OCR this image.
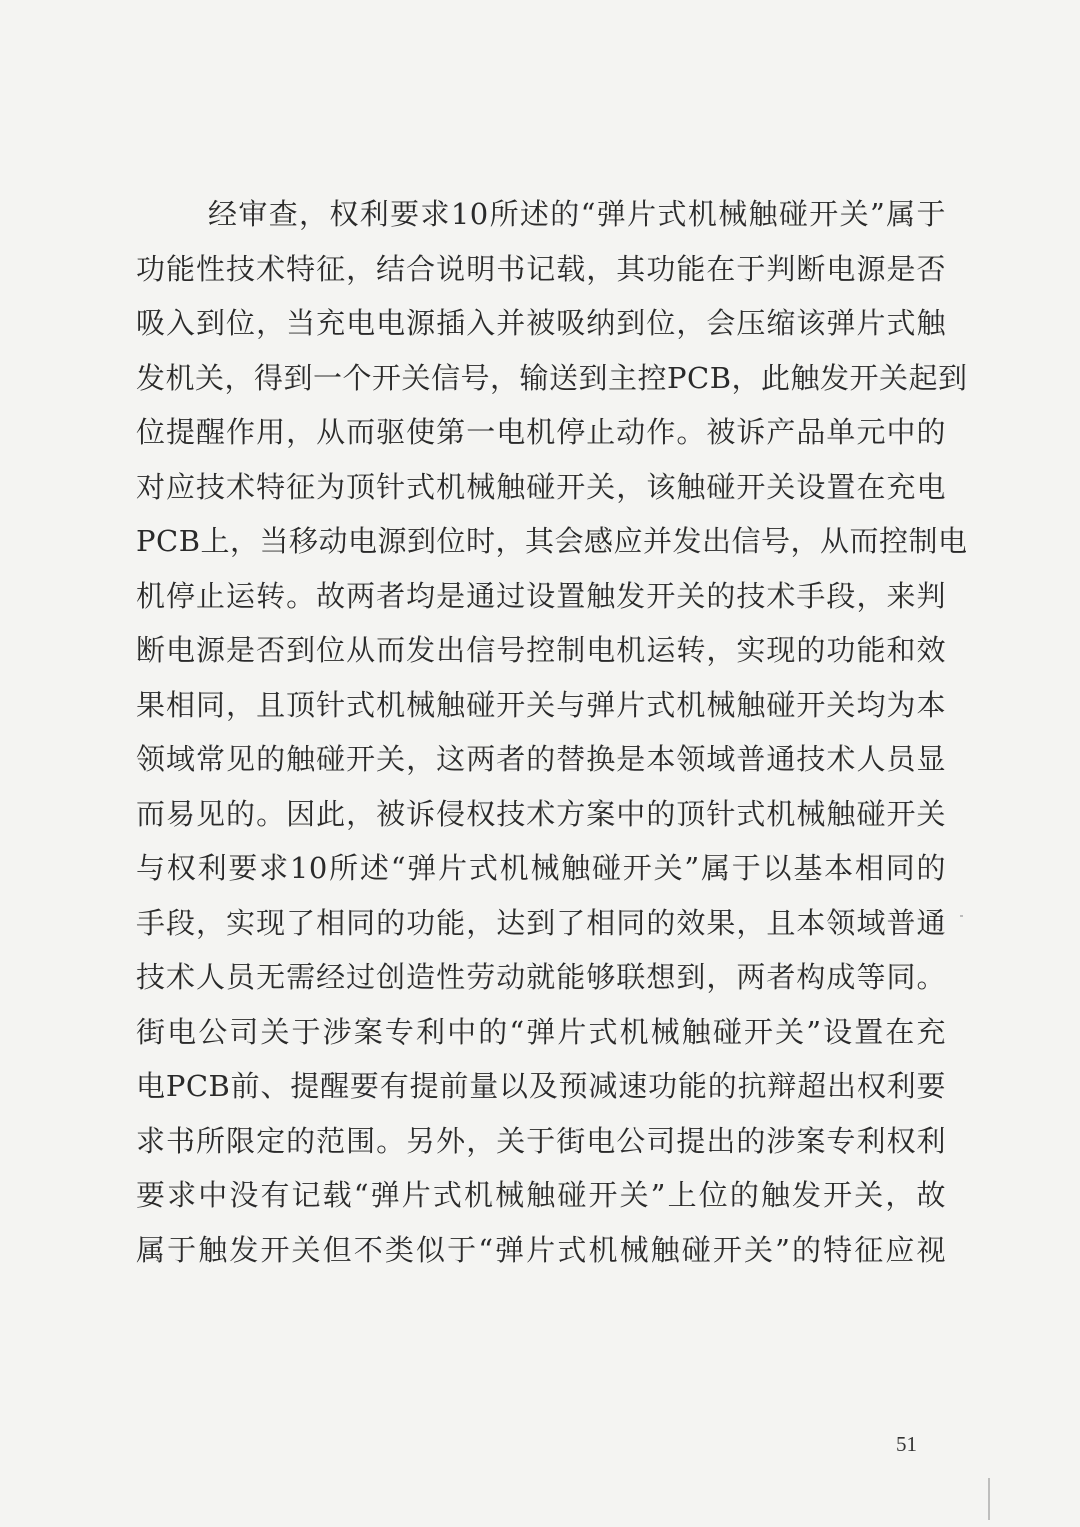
经审查，权利要求10所述的“弹片式机械触碰开关”属于
功能性技术特征，结合说明书记载，其功能在于判断电源是否
吸入到位，当充电电源插入并被吸纳到位，会压缩该弹片式触
发机关，得到一个开关信号，输送到主控PCB，此触发开关起到
位提醒作用，从而驱使第一电机停止动作。被诉产品单元中的
对应技术特征为顶针式机械触碰开关，该触碰开关设置在充电
PCB上，当移动电源到位时，其会感应并发出信号，从而控制电
机停止运转。故两者均是通过设置触发开关的技术手段，来判
断电源是否到位从而发出信号控制电机运转，实现的功能和效
果相同，且顶针式机械触碰开关与弹片式机械触碰开关均为本
领域常见的触碰开关，这两者的替换是本领域普通技术人员显
而易见的。因此，被诉侵权技术方案中的顶针式机械触碰开关
与权利要求10所述“弹片式机械触碰开关”属于以基本相同的
手段，实现了相同的功能，达到了相同的效果，且本领域普通
技术人员无需经过创造性劳动就能够联想到，两者构成等同。
街电公司关于涉案专利中的“弹片式机械触碰开关”设置在充
电PCB前、提醒要有提前量以及预减速功能的抗辩超出权利要
求书所限定的范围。另外，关于街电公司提出的涉案专利权利
要求中没有记载“弹片式机械触碰开关”上位的触发开关，故
属于触发开关但不类似于“弹片式机械触碰开关”的特征应视
51
